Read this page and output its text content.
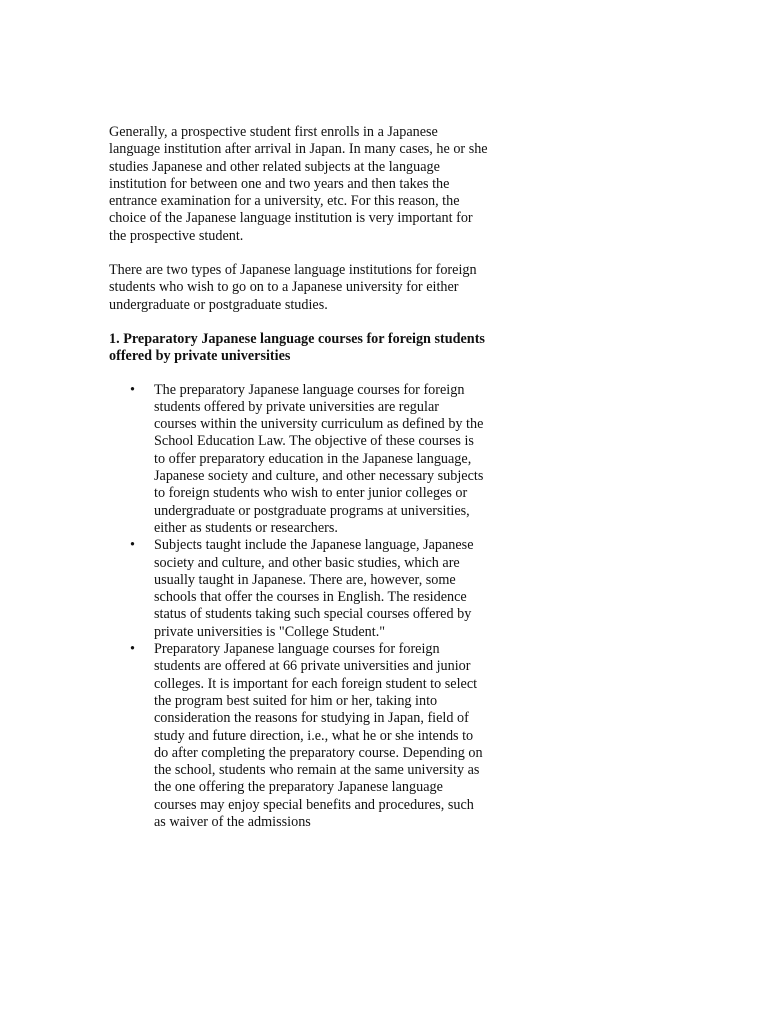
Generally, a prospective student first enrolls in a Japanese language institution after arrival in Japan. In many cases, he or she studies Japanese and other related subjects at the language institution for between one and two years and then takes the entrance examination for a university, etc. For this reason, the choice of the Japanese language institution is very important for the prospective student.

There are two types of Japanese language institutions for foreign students who wish to go on to a Japanese university for either undergraduate or postgraduate studies.

1. Preparatory Japanese language courses for foreign students offered by private universities

• The preparatory Japanese language courses for foreign students offered by private universities are regular courses within the university curriculum as defined by the School Education Law. The objective of these courses is to offer preparatory education in the Japanese language, Japanese society and culture, and other necessary subjects to foreign students who wish to enter junior colleges or undergraduate or postgraduate programs at universities, either as students or researchers.
• Subjects taught include the Japanese language, Japanese society and culture, and other basic studies, which are usually taught in Japanese. There are, however, some schools that offer the courses in English. The residence status of students taking such special courses offered by private universities is "College Student."
• Preparatory Japanese language courses for foreign students are offered at 66 private universities and junior colleges. It is important for each foreign student to select the program best suited for him or her, taking into consideration the reasons for studying in Japan, field of study and future direction, i.e., what he or she intends to do after completing the preparatory course. Depending on the school, students who remain at the same university as the one offering the preparatory Japanese language courses may enjoy special benefits and procedures, such as waiver of the admissions
